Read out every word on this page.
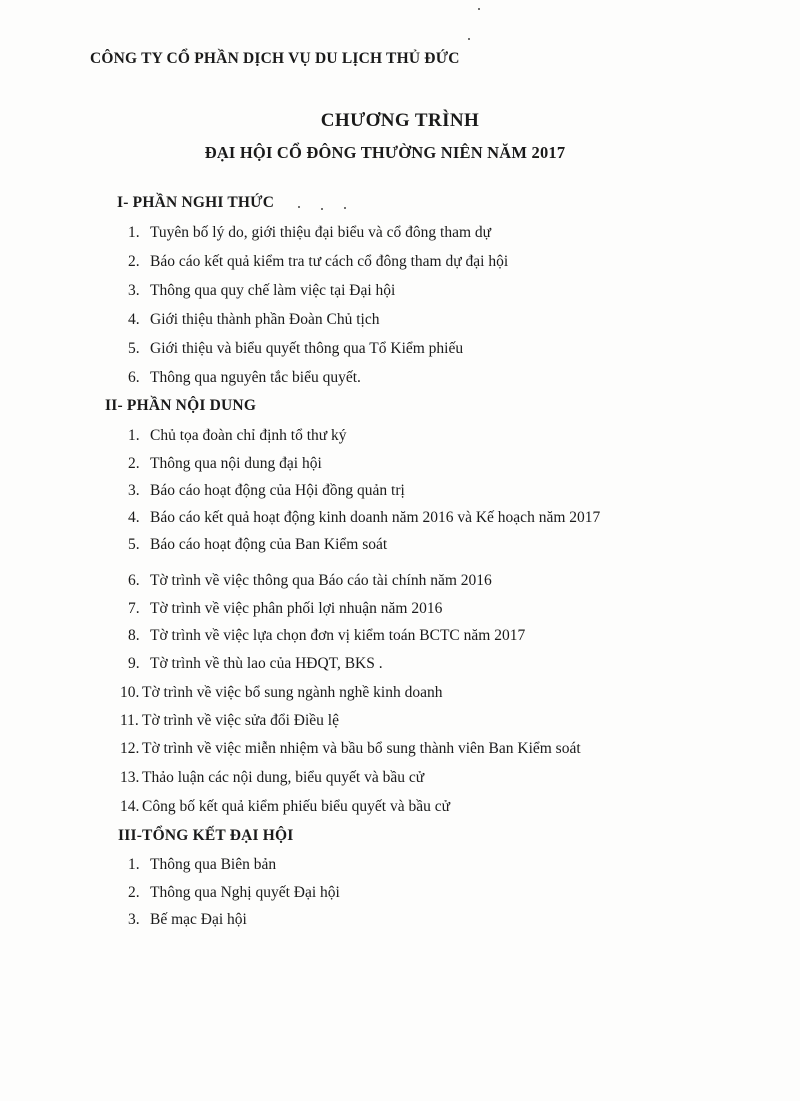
CÔNG TY CỔ PHẦN DỊCH VỤ DU LỊCH THỦ ĐỨC
CHƯƠNG TRÌNH
ĐẠI HỘI CỔ ĐÔNG THƯỜNG NIÊN NĂM 2017
I- PHẦN NGHI THỨC
1. Tuyên bố lý do, giới thiệu đại biểu và cổ đông tham dự
2. Báo cáo kết quả kiểm tra tư cách cổ đông tham dự đại hội
3. Thông qua quy chế làm việc tại Đại hội
4. Giới thiệu thành phần Đoàn Chủ tịch
5. Giới thiệu và biểu quyết thông qua Tổ Kiểm phiếu
6. Thông qua nguyên tắc biểu quyết.
II- PHẦN NỘI DUNG
1. Chủ tọa đoàn chỉ định tổ thư ký
2. Thông qua nội dung đại hội
3. Báo cáo hoạt động của Hội đồng quản trị
4. Báo cáo kết quả hoạt động kinh doanh năm 2016 và Kế hoạch năm 2017
5. Báo cáo hoạt động của Ban Kiểm soát
6. Tờ trình về việc thông qua Báo cáo tài chính năm 2016
7. Tờ trình về việc phân phối lợi nhuận năm 2016
8. Tờ trình về việc lựa chọn đơn vị kiểm toán BCTC năm 2017
9. Tờ trình về thù lao của HĐQT, BKS .
10. Tờ trình về việc bổ sung ngành nghề kinh doanh
11. Tờ trình về việc sửa đổi Điều lệ
12. Tờ trình về việc miễn nhiệm và bầu bổ sung thành viên Ban Kiểm soát
13. Thảo luận các nội dung, biểu quyết và bầu cử
14. Công bố kết quả kiểm phiếu biểu quyết và bầu cử
III-TỔNG KẾT ĐẠI HỘI
1. Thông qua Biên bản
2. Thông qua Nghị quyết Đại hội
3. Bế mạc Đại hội
